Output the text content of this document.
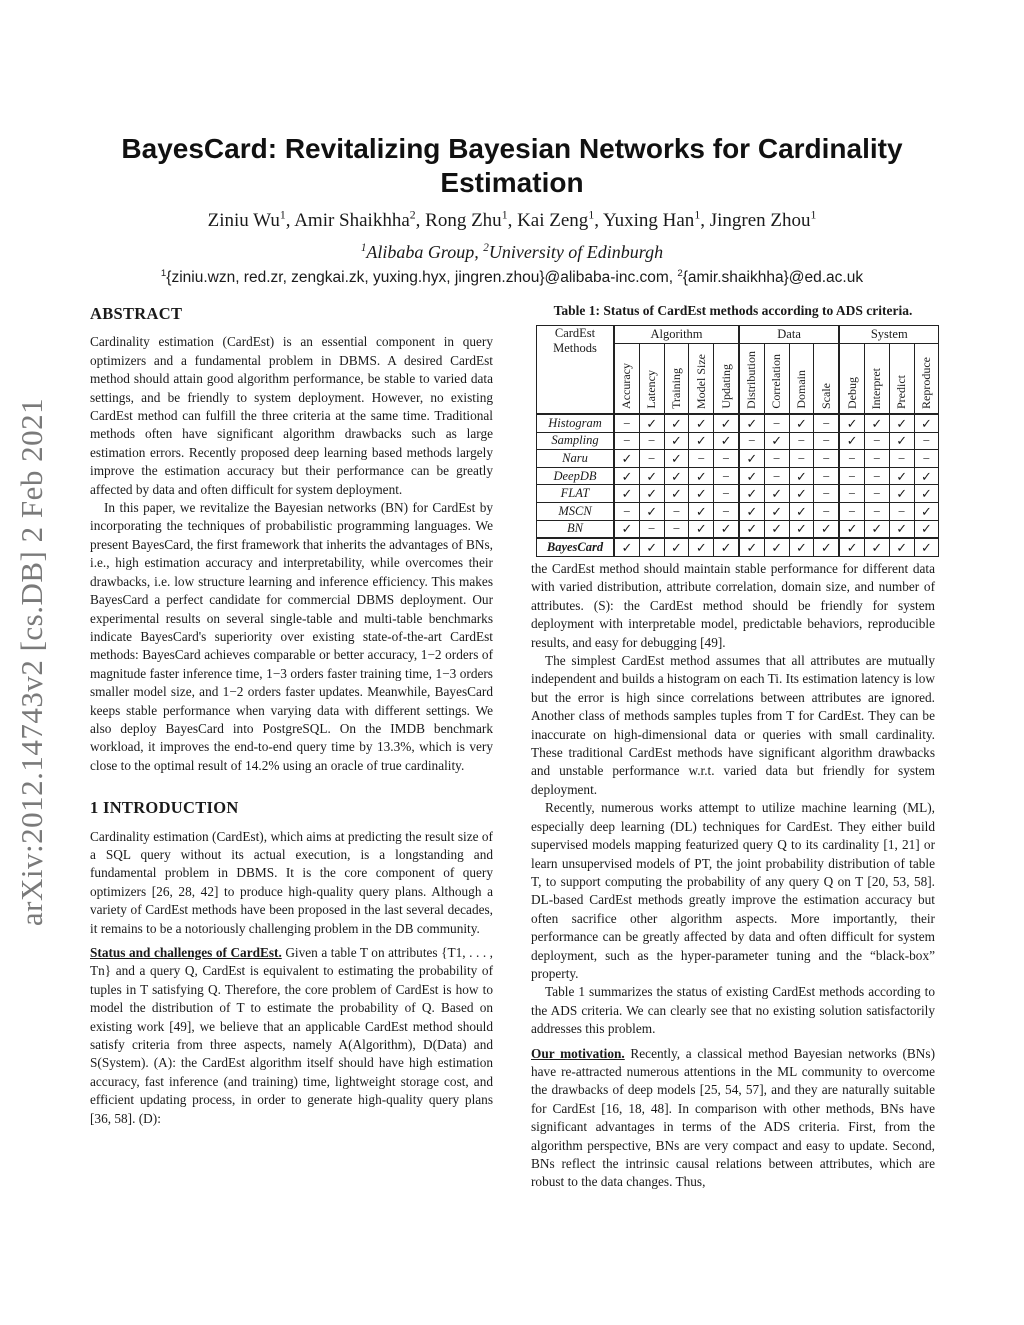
arXiv:2012.14743v2 [cs.DB] 2 Feb 2021
BayesCard: Revitalizing Bayesian Networks for Cardinality Estimation
Ziniu Wu$^1$, Amir Shaikhha$^2$, Rong Zhu$^1$, Kai Zeng$^1$, Yuxing Han$^1$, Jingren Zhou$^1$
$^1$Alibaba Group, $^2$University of Edinburgh
$^1${ziniu.wzn, red.zr, zengkai.zk, yuxing.hyx, jingren.zhou}@alibaba-inc.com, $^2${amir.shaikhha}@ed.ac.uk
ABSTRACT

Cardinality estimation (CardEst) is an essential component in query optimizers and a fundamental problem in DBMS. A desired CardEst method should attain good algorithm performance, be stable to varied data settings, and be friendly to system deployment. However, no existing CardEst method can fulfill the three criteria at the same time. Traditional methods often have significant algorithm drawbacks such as large estimation errors. Recently proposed deep learning based methods largely improve the estimation accuracy but their performance can be greatly affected by data and often difficult for system deployment.

In this paper, we revitalize the Bayesian networks (BN) for CardEst by incorporating the techniques of probabilistic programming languages. We present BayesCard, the first framework that inherits the advantages of BNs, i.e., high estimation accuracy and interpretability, while overcomes their drawbacks, i.e. low structure learning and inference efficiency. This makes BayesCard a perfect candidate for commercial DBMS deployment. Our experimental results on several single-table and multi-table benchmarks indicate BayesCard's superiority over existing state-of-the-art CardEst methods: BayesCard achieves comparable or better accuracy, 1−2 orders of magnitude faster inference time, 1−3 orders faster training time, 1−3 orders smaller model size, and 1−2 orders faster updates. Meanwhile, BayesCard keeps stable performance when varying data with different settings. We also deploy BayesCard into PostgreSQL. On the IMDB benchmark workload, it improves the end-to-end query time by 13.3%, which is very close to the optimal result of 14.2% using an oracle of true cardinality.

1 INTRODUCTION

Cardinality estimation (CardEst), which aims at predicting the result size of a SQL query without its actual execution, is a longstanding and fundamental problem in DBMS. It is the core component of query optimizers [26, 28, 42] to produce high-quality query plans. Although a variety of CardEst methods have been proposed in the last several decades, it remains to be a notoriously challenging problem in the DB community.

Status and challenges of CardEst. Given a table T on attributes {T1, . . . , Tn} and a query Q, CardEst is equivalent to estimating the probability of tuples in T satisfying Q. Therefore, the core problem of CardEst is how to model the distribution of T to estimate the probability of Q. Based on existing work [49], we believe that an applicable CardEst method should satisfy criteria from three aspects, namely A(Algorithm), D(Data) and S(System). (A): the CardEst algorithm itself should have high estimation accuracy, fast inference (and training) time, lightweight storage cost, and efficient updating process, in order to generate high-quality query plans [36, 58]. (D):

Table 1: Status of CardEst methods according to ADS criteria.
CardEst Methods	Algorithm					Data				System			
	Accuracy	Latency	Training	Model Size	Updating	Distribution	Correlation	Domain	Scale	Debug	Interpret	Predict	Reproduce
Histogram	−	✓	✓	✓	✓	✓	−	✓	−	✓	✓	✓	✓
Sampling	−	−	✓	✓	✓	−	✓	−	−	✓	−	✓	−
Naru	✓	−	✓	−	−	✓	−	−	−	−	−	−	−
DeepDB	✓	✓	✓	✓	−	✓	−	✓	−	−	−	✓	✓
FLAT	✓	✓	✓	✓	−	✓	✓	✓	−	−	−	✓	✓
MSCN	−	✓	−	✓	−	✓	✓	✓	−	−	−	−	✓
BN	✓	−	−	✓	✓	✓	✓	✓	✓	✓	✓	✓	✓
BayesCard	✓	✓	✓	✓	✓	✓	✓	✓	✓	✓	✓	✓	✓

the CardEst method should maintain stable performance for different data with varied distribution, attribute correlation, domain size, and number of attributes. (S): the CardEst method should be friendly for system deployment with interpretable model, predictable behaviors, reproducible results, and easy for debugging [49].

The simplest CardEst method assumes that all attributes are mutually independent and builds a histogram on each Ti. Its estimation latency is low but the error is high since correlations between attributes are ignored. Another class of methods samples tuples from T for CardEst. They can be inaccurate on high-dimensional data or queries with small cardinality. These traditional CardEst methods have significant algorithm drawbacks and unstable performance w.r.t. varied data but friendly for system deployment.

Recently, numerous works attempt to utilize machine learning (ML), especially deep learning (DL) techniques for CardEst. They either build supervised models mapping featurized query Q to its cardinality [1, 21] or learn unsupervised models of PT, the joint probability distribution of table T, to support computing the probability of any query Q on T [20, 53, 58]. DL-based CardEst methods greatly improve the estimation accuracy but often sacrifice other algorithm aspects. More importantly, their performance can be greatly affected by data and often difficult for system deployment, such as the hyper-parameter tuning and the “black-box” property.

Table 1 summarizes the status of existing CardEst methods according to the ADS criteria. We can clearly see that no existing solution satisfactorily addresses this problem.

Our motivation. Recently, a classical method Bayesian networks (BNs) have re-attracted numerous attentions in the ML community to overcome the drawbacks of deep models [25, 54, 57], and they are naturally suitable for CardEst [16, 18, 48]. In comparison with other methods, BNs have significant advantages in terms of the ADS criteria. First, from the algorithm perspective, BNs are very compact and easy to update. Second, BNs reflect the intrinsic causal relations between attributes, which are robust to the data changes. Thus,
